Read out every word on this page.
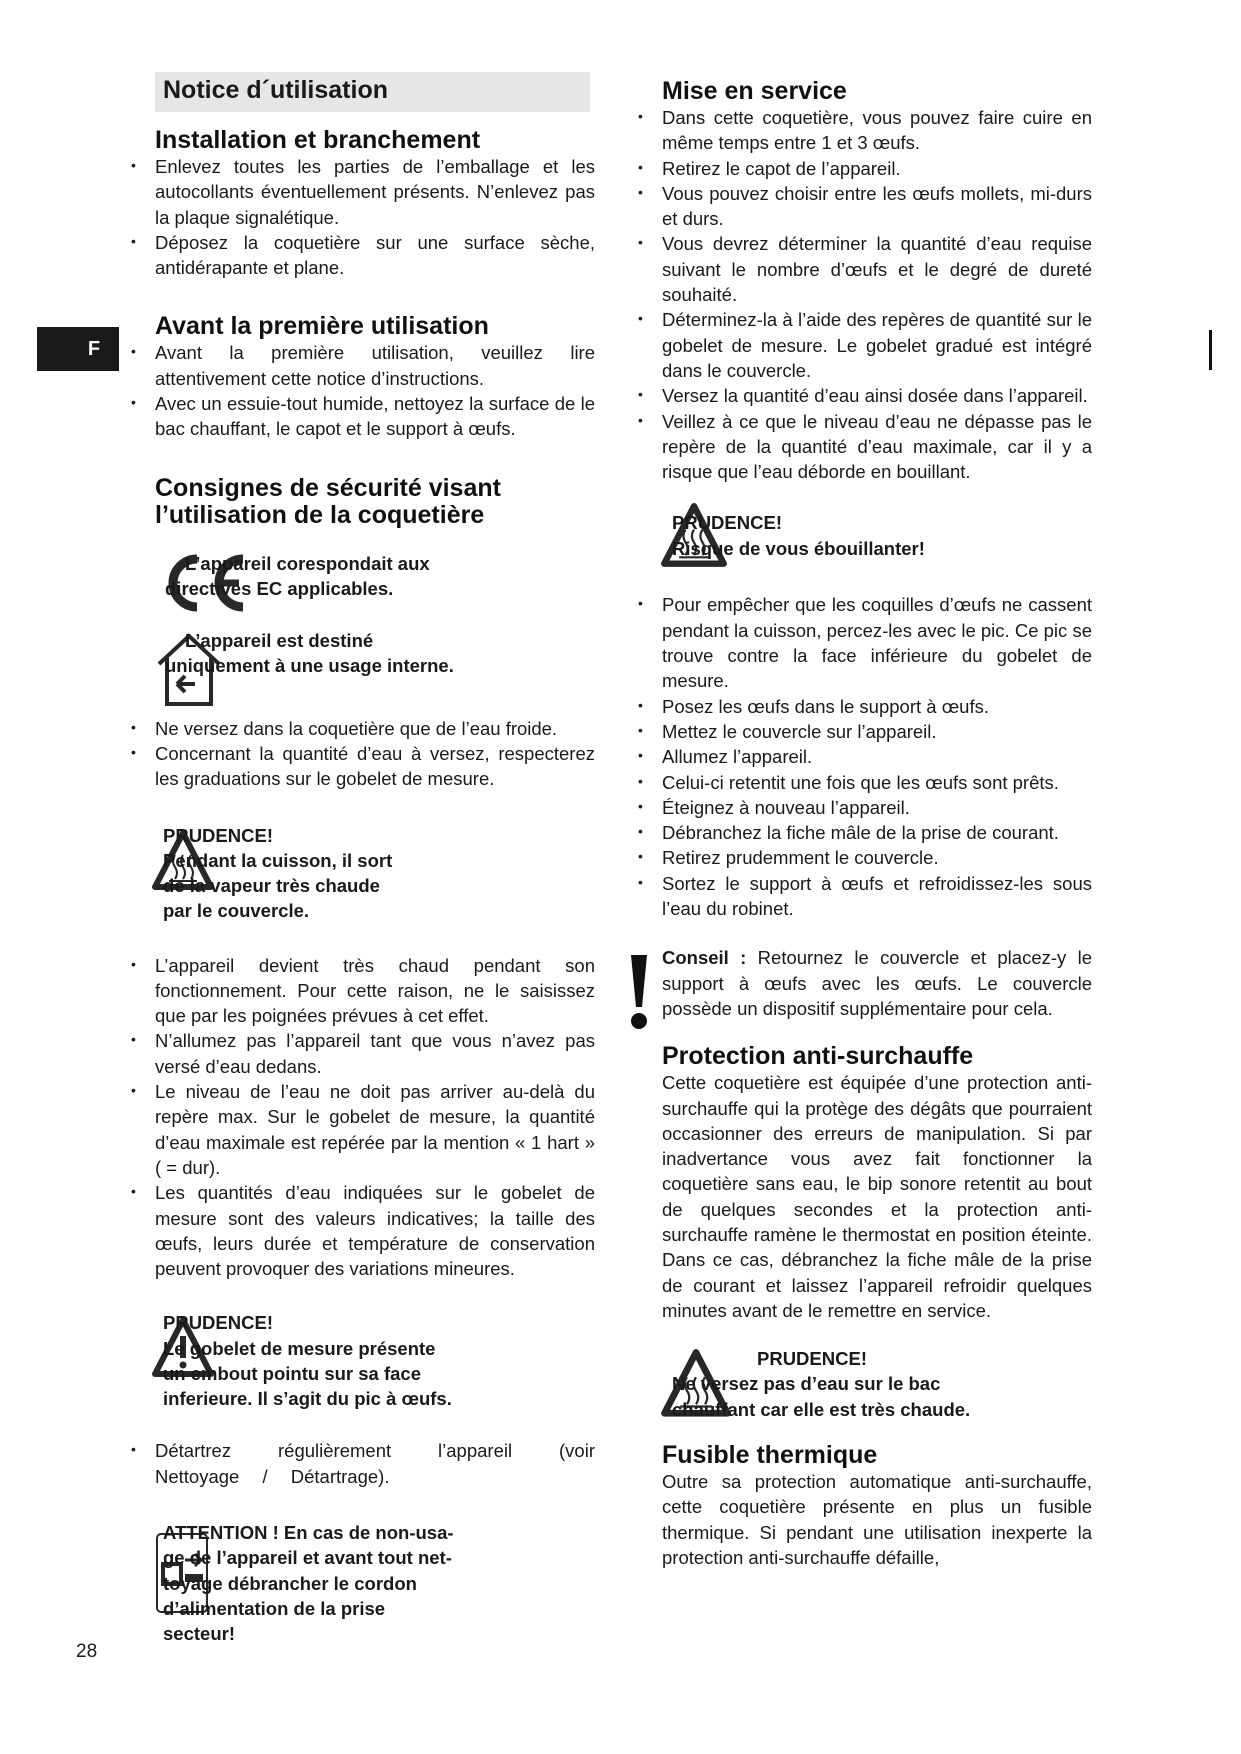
Notice d´utilisation
F
28
Installation et branchement
• Enlevez toutes les parties de l’emballage et les autocollants éventuellement présents. N’enlevez pas la plaque signalétique.
• Déposez la coquetière sur une surface sèche, antidérapante et plane.
Avant la première utilisation
• Avant la première utilisation, veuillez lire attentivement cette notice d’instructions.
• Avec un essuie-tout humide, nettoyez la surface de le bac chauffant, le capot et le support à œufs.
Consignes de sécurité visant
l’utilisation de la coquetière
L’appareil corespondait aux
directives EC applicables.
L’appareil est destiné
uniquement à une usage interne.
• Ne versez dans la coquetière que de l’eau froide.
• Concernant la quantité d’eau à versez, respecterez les graduations sur le gobelet de mesure.
PRUDENCE!
Pendant la cuisson, il sort
de la vapeur très chaude
par le couvercle.
• L’appareil devient très chaud pendant son fonctionnement. Pour cette raison, ne le saisissez que par les poignées prévues à cet effet.
• N’allumez pas l’appareil tant que vous n’avez pas versé d’eau dedans.
• Le niveau de l’eau ne doit pas arriver au-delà du repère max. Sur le gobelet de mesure, la quantité d’eau maximale est repérée par la mention « 1 hart » ( = dur).
• Les quantités d’eau indiquées sur le gobelet de mesure sont des valeurs indicatives; la taille des œufs, leurs durée et température de conservation peuvent provoquer des variations mineures.
PRUDENCE!
Le gobelet de mesure présente
un embout pointu sur sa face
inferieure. Il s’agit du pic à œufs.
• Détartrez régulièrement l’appareil (voir Nettoyage / Détartrage).
ATTENTION ! En cas de non-usa-
ge de l’appareil et avant tout net-
toyage débrancher le cordon
d’alimentation de la prise
secteur!
Mise en service
• Dans cette coquetière, vous pouvez faire cuire en même temps entre 1 et 3 œufs.
• Retirez le capot de l’appareil.
• Vous pouvez choisir entre les œufs mollets, mi-durs et durs.
• Vous devrez déterminer la quantité d’eau requise suivant le nombre d’œufs et le degré de dureté souhaité.
• Déterminez-la à l’aide des repères de quantité sur le gobelet de mesure. Le gobelet gradué est intégré dans le couvercle.
• Versez la quantité d’eau ainsi dosée dans l’appareil.
• Veillez à ce que le niveau d’eau ne dépasse pas le repère de la quantité d’eau maximale, car il y a risque que l’eau déborde en bouillant.
PRUDENCE!
Risque de vous ébouillanter!
• Pour empêcher que les coquilles d’œufs ne cassent pendant la cuisson, percez-les avec le pic. Ce pic se trouve contre la face inférieure du gobelet de mesure.
• Posez les œufs dans le support à œufs.
• Mettez le couvercle sur l’appareil.
• Allumez l’appareil.
• Celui-ci retentit une fois que les œufs sont prêts.
• Éteignez à nouveau l’appareil.
• Débranchez la fiche mâle de la prise de courant.
• Retirez prudemment le couvercle.
• Sortez le support à œufs et refroidissez-les sous l’eau du robinet.

Conseil : Retournez le couvercle et placez-y le support à œufs avec les œufs. Le couvercle possède un dispositif supplémentaire pour cela.

Protection anti-surchauffe

Cette coquetière est équipée d’une protection anti-surchauffe qui la protège des dégâts que pourraient occasionner des erreurs de manipulation. Si par inadvertance vous avez fait fonctionner la coquetière sans eau, le bip sonore retentit au bout de quelques secondes et la protection anti-surchauffe ramène le thermostat en position éteinte. Dans ce cas, débranchez la fiche mâle de la prise de courant et laissez l’appareil refroidir quelques minutes avant de le remettre en service.

PRUDENCE!
Ne versez pas d’eau sur le bac
chauffant car elle est très chaude.
Fusible thermique

Outre sa protection automatique anti-surchauffe, cette coquetière présente en plus un fusible thermique. Si pendant une utilisation inexperte la protection anti-surchauffe défaille,
